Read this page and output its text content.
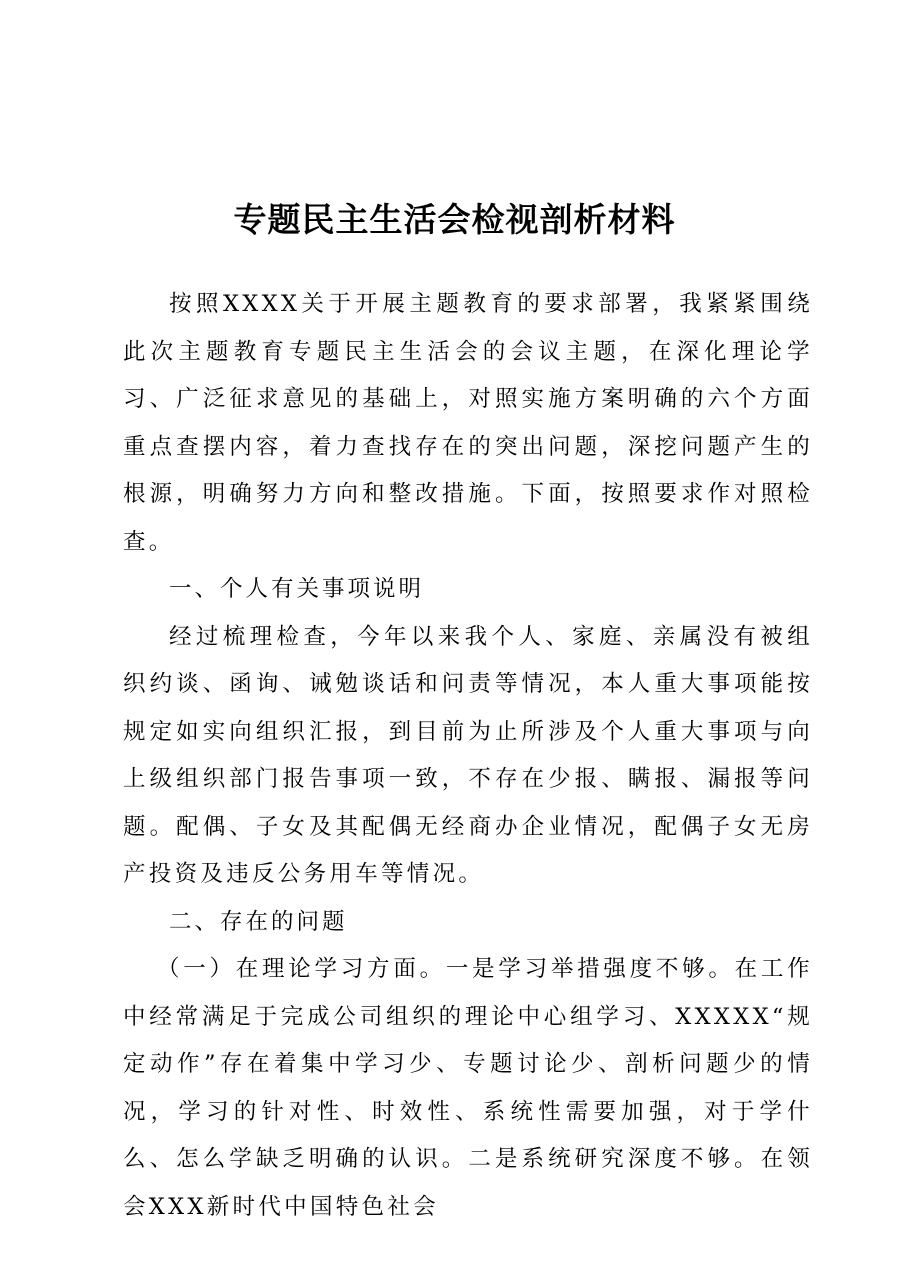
专题民主生活会检视剖析材料

按照XXXX关于开展主题教育的要求部署，我紧紧围绕此次主题教育专题民主生活会的会议主题，在深化理论学习、广泛征求意见的基础上，对照实施方案明确的六个方面重点查摆内容，着力查找存在的突出问题，深挖问题产生的根源，明确努力方向和整改措施。下面，按照要求作对照检查。

一、个人有关事项说明

经过梳理检查，今年以来我个人、家庭、亲属没有被组织约谈、函询、诫勉谈话和问责等情况，本人重大事项能按规定如实向组织汇报，到目前为止所涉及个人重大事项与向上级组织部门报告事项一致，不存在少报、瞒报、漏报等问题。配偶、子女及其配偶无经商办企业情况，配偶子女无房产投资及违反公务用车等情况。

二、存在的问题

（一）在理论学习方面。一是学习举措强度不够。在工作中经常满足于完成公司组织的理论中心组学习、XXXXX“规定动作”存在着集中学习少、专题讨论少、剖析问题少的情况，学习的针对性、时效性、系统性需要加强，对于学什么、怎么学缺乏明确的认识。二是系统研究深度不够。在领会XXX新时代中国特色社会
